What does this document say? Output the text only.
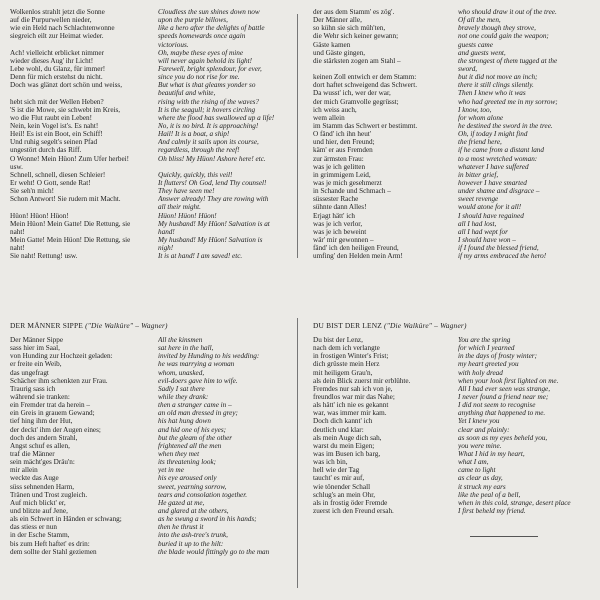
Wolkenlos strahlt jetzt die Sonne
auf die Purpurwellen nieder,
wie ein Held nach Schlachtenwonne
siegreich eilt zur Heimat wieder.
Ach! vielleicht erblicket nimmer
wieder dieses Aug' ihr Licht!
Lebe wohl, du Glanz, für immer!
Denn für mich erstehst du nicht.
Doch was glänzt dort schön und weiss,
hebt sich mit der Wellen Heben?
'S ist die Mowe, sie schwebt im Kreis,
wo die Flut raubt ein Leben!
Nein, kein Vogel ist's. Es naht!
Heil! Es ist ein Boot, ein Schiff!
Und ruhig segelt's seinen Pfad
ungestört durch das Riff.
O Wonne! Mein Hüon! Zum Ufer herbei!
usw.
Schnell, schnell, diesen Schleier!
Er weht! O Gott, sende Rat!
Sie seh'n mich!
Schon Antwort! Sie rudern mit Macht.
Hüon! Hüon! Hüon!
Mein Hüon! Mein Gatte! Die Rettung, sie
naht!
Mein Gatte! Mein Hüon! Die Rettung, sie
naht!
Sie naht! Rettung! usw.
Cloudless the sun shines down now
upon the purple billows,
like a hero after the delights of battle
speeds homewards once again
victorious.
Oh, maybe these eyes of mine
will never again behold its light!
Farewell, bright splendour, for ever,
since you do not rise for me.
But what is that gleams yonder so
beautiful and white,
rising with the rising of the waves?
It is the seagull; it hovers circling
where the flood has swallowed up a life!
No, it is no bird. It is approaching!
Hail! It is a boat, a ship!
And calmly it sails upon its course,
regardless, through the reef!
Oh bliss! My Hüon! Ashore here! etc.
Quickly, quickly, this veil!
It flutters! Oh God, lend Thy counsel!
They have seen me!
Answer already! They are rowing with
all their might.
Hüon! Hüon! Hüon!
My husband! My Hüon! Salvation is at
hand!
My husband! My Hüon! Salvation is
nigh!
It is at hand! I am saved! etc.
der aus dem Stamm' es zög'.
Der Männer alle,
so kühn sie sich müh'ten,
die Wehr sich keiner gewann;
Gäste kamen
und Gäste gingen,
die stärksten zogen am Stahl –
keinen Zoll entwich er dem Stamm:
dort haftet schweigend das Schwert.
Da wusst' ich, wer der war,
der mich Gramvolle gegrüsst;
ich weiss auch,
wem allein
im Stamm das Schwert er bestimmt.
O fänd' ich ihn heut'
und hier, den Freund;
käm' er aus Fremden
zur ärmsten Frau:
was je ich gelitten
in grimmigem Leid,
was je mich gesehmerzt
in Schande und Schmach –
süssester Rache
sühnte dann Alles!
Erjagt hätt' ich
was je ich verlor,
was je ich beweint
wär' mir gewonnen –
fänd' ich den heiligen Freund,
umfing' den Helden mein Arm!
who should draw it out of the tree.
Of all the men,
bravely though they strove,
not one could gain the weapon;
guests came
and guests went,
the strongest of them tugged at the
sword,
but it did not move an inch;
there it still clings silently.
Then I knew who it was
who had greeted me in my sorrow;
I know, too,
for whom alone
he destined the sword in the tree.
Oh, if today I might find
the friend here,
if he came from a distant land
to a most wretched woman:
whatever I have suffered
in bitter grief,
however I have smarted
under shame and disgrace –
sweet revenge
would atone for it all!
I should have regained
all I had lost,
all I had wept for
I should have won –
if I found the blessed friend,
if my arms embraced the hero!
DER MÄNNER SIPPE ("Die Walküre" – Wagner)
Der Männer Sippe
sass hier im Saal,
von Hunding zur Hochzeit geladen:
er freite ein Weib,
das ungefragt
Schächer ihm schenkten zur Frau.
Traurig sass ich
während sie tranken:
ein Fremder trat da herein –
ein Greis in grauem Gewand;
tief hing ihm der Hut,
der deckt' ihm der Augen eines;
doch des andern Strahl,
Angst schuf es allen,
traf die Männer
sein mächt'ges Dräu'n:
mir allein
weckte das Auge
süss sehnenden Harm,
Tränen und Trost zugleich.
Auf mich blickt' er,
und blitzte auf Jene,
als ein Schwert in Händen er schwang;
das stiess er nun
in der Esche Stamm,
bis zum Heft haftet' es drin:
dem sollte der Stahl geziemen
All the kinsmen
sat here in the hall,
invited by Hunding to his wedding:
he was marrying a woman
whom, unasked,
evil-doers gave him to wife.
Sadly I sat there
while they drank:
then a stranger came in –
an old man dressed in grey;
his hat hung down
and hid one of his eyes;
but the gleam of the other
frightened all the men
when they met
its threatening look;
yet in me
his eye aroused only
sweet, yearning sorrow,
tears and consolation together.
He gazed at me,
and glared at the others,
as he swung a sword in his hands;
then he thrust it
into the ash-tree's trunk,
buried it up to the hilt:
the blade would fittingly go to the man
DU BIST DER LENZ ("Die Walküre" – Wagner)
Du bist der Lenz,
nach dem ich verlangte
in frostigen Winter's Frist;
dich grüsste mein Herz
mit heiligem Grau'n,
als dein Blick zuerst mir erblühte.
Fremdes nur sah ich von je,
freundlos war mir das Nahe;
als hätt' ich nie es gekannt
war, was immer mir kam.
Doch dich kannt' ich
deutlich und klar:
als mein Auge dich sah,
warst du mein Eigen;
was im Busen ich barg,
was ich bin,
hell wie der Tag
taucht' es mir auf,
wie tönender Schall
schlug's an mein Ohr,
als in frostig öder Fremde
zuerst ich den Freund ersah.
You are the spring
for which I yearned
in the days of frosty winter;
my heart greeted you
with holy dread
when your look first lighted on me.
All I had ever seen was strange,
I never found a friend near me;
I did not seem to recognise
anything that happened to me.
Yet I knew you
clear and plainly:
as soon as my eyes beheld you,
you were mine.
What I hid in my heart,
what I am,
came to light
as clear as day,
it struck my ears
like the peal of a bell,
when in this cold, strange, desert place
I first beheld my friend.
